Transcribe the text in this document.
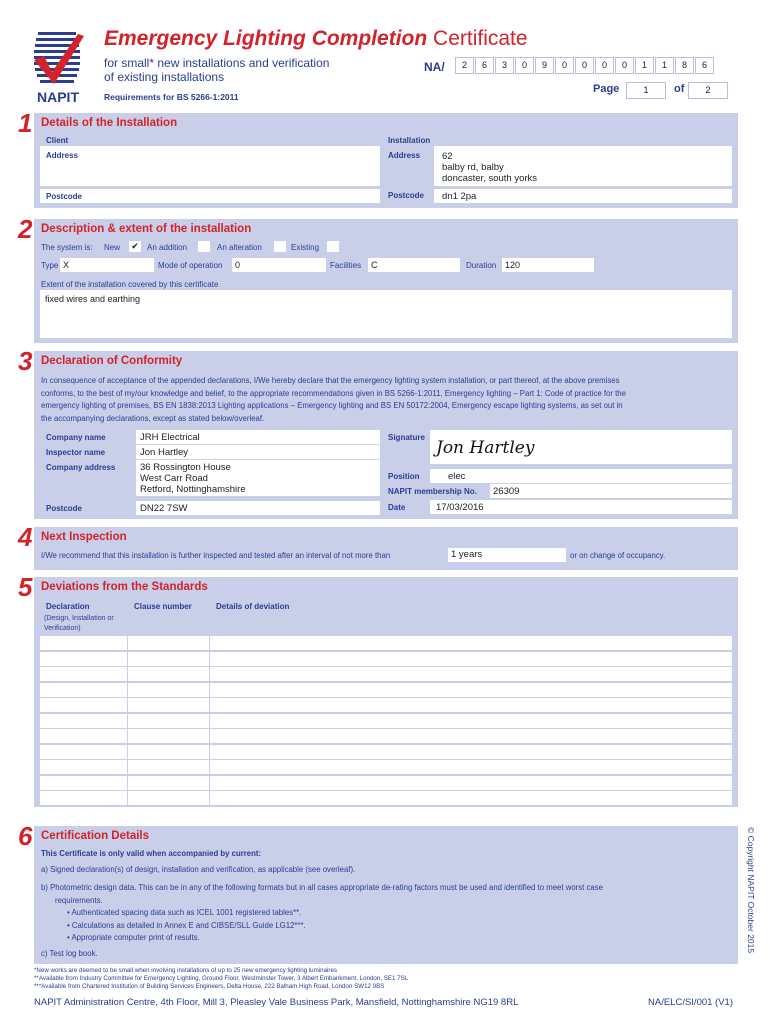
NAPIT
Emergency Lighting Completion Certificate
for small* new installations and verification
of existing installations
Requirements for BS 5266-1:2011
NA/	2	6	3	0	9	0	0	0	0	1	1	8	6
Page	1	of	2
Details of the Installation
Client
Address
Postcode
Installation
Address 62
balby rd, balby
doncaster, south yorks
Postcode dn1 2pa
1
Description & extent of the installation
The system is: New ✔ An addition	An alteration	Existing
Type X	Mode of operation	0	Facilities	C	Duration 120
Extent of the installation covered by this certificate
fixed wires and earthing
2
Declaration of Conformity
In consequence of acceptance of the appended declarations, I/We hereby declare that the emergency lighting system installation, or part thereof, at the above premises
conforms, to the best of my/our knowledge and belief, to the appropriate recommendations given in BS 5266-1:2011, Emergency lighting – Part 1: Code of practice for the
emergency lighting of premises, BS EN 1838:2013 Lighting applications – Emergency lighting and BS EN 50172:2004, Emergency escape lighting systems, as set out in
the accompanying declarations, except as stated below/overleaf.
Company name	JRH Electrical
Inspector name	Jon Hartley
Company address	36 Rossington House
West Carr Road
Retford, Nottinghamshire
Postcode	DN22 7SW
Signature
Jon Hartley
Position	elec
NAPIT membership No. 26309
Date	17/03/2016
3
Next Inspection
I/We recommend that this installation is further inspected and tested after an interval of not more than	1 years	or on change of occupancy.
4
Deviations from the Standards
Declaration
(Design, Installation or
Verification)
Clause number	Details of deviation
5
Certification Details
This Certificate is only valid when accompanied by current:
a) Signed declaration(s) of design, installation and verification, as applicable (see overleaf).
b) Photometric design data. This can be in any of the following formats but in all cases appropriate de-rating factors must be used and identified to meet worst case
requirements.
• Authenticated spacing data such as ICEL 1001 registered tables**.
• Calculations as detailed in Annex E and CIBSE/SLL Guide LG12***.
• Appropriate computer print of results.
c) Test log book.
6
*New works are deemed to be small when involving installations of up to 25 new emergency lighting luminaires
**Available from Industry Committee for Emergency Lighting, Ground Floor, Westminster Tower, 3 Albert Embankment, London, SE1 7SL
***Available from Chartered Institution of Building Services Engineers, Delta House, 222 Balham High Road, London SW12 9BS
NAPIT Administration Centre, 4th Floor, Mill 3, Pleasley Vale Business Park, Mansfield, Nottinghamshire NG19 8RL	NA/ELC/SI/001 (V1)
© Copyright NAPIT October 2015
